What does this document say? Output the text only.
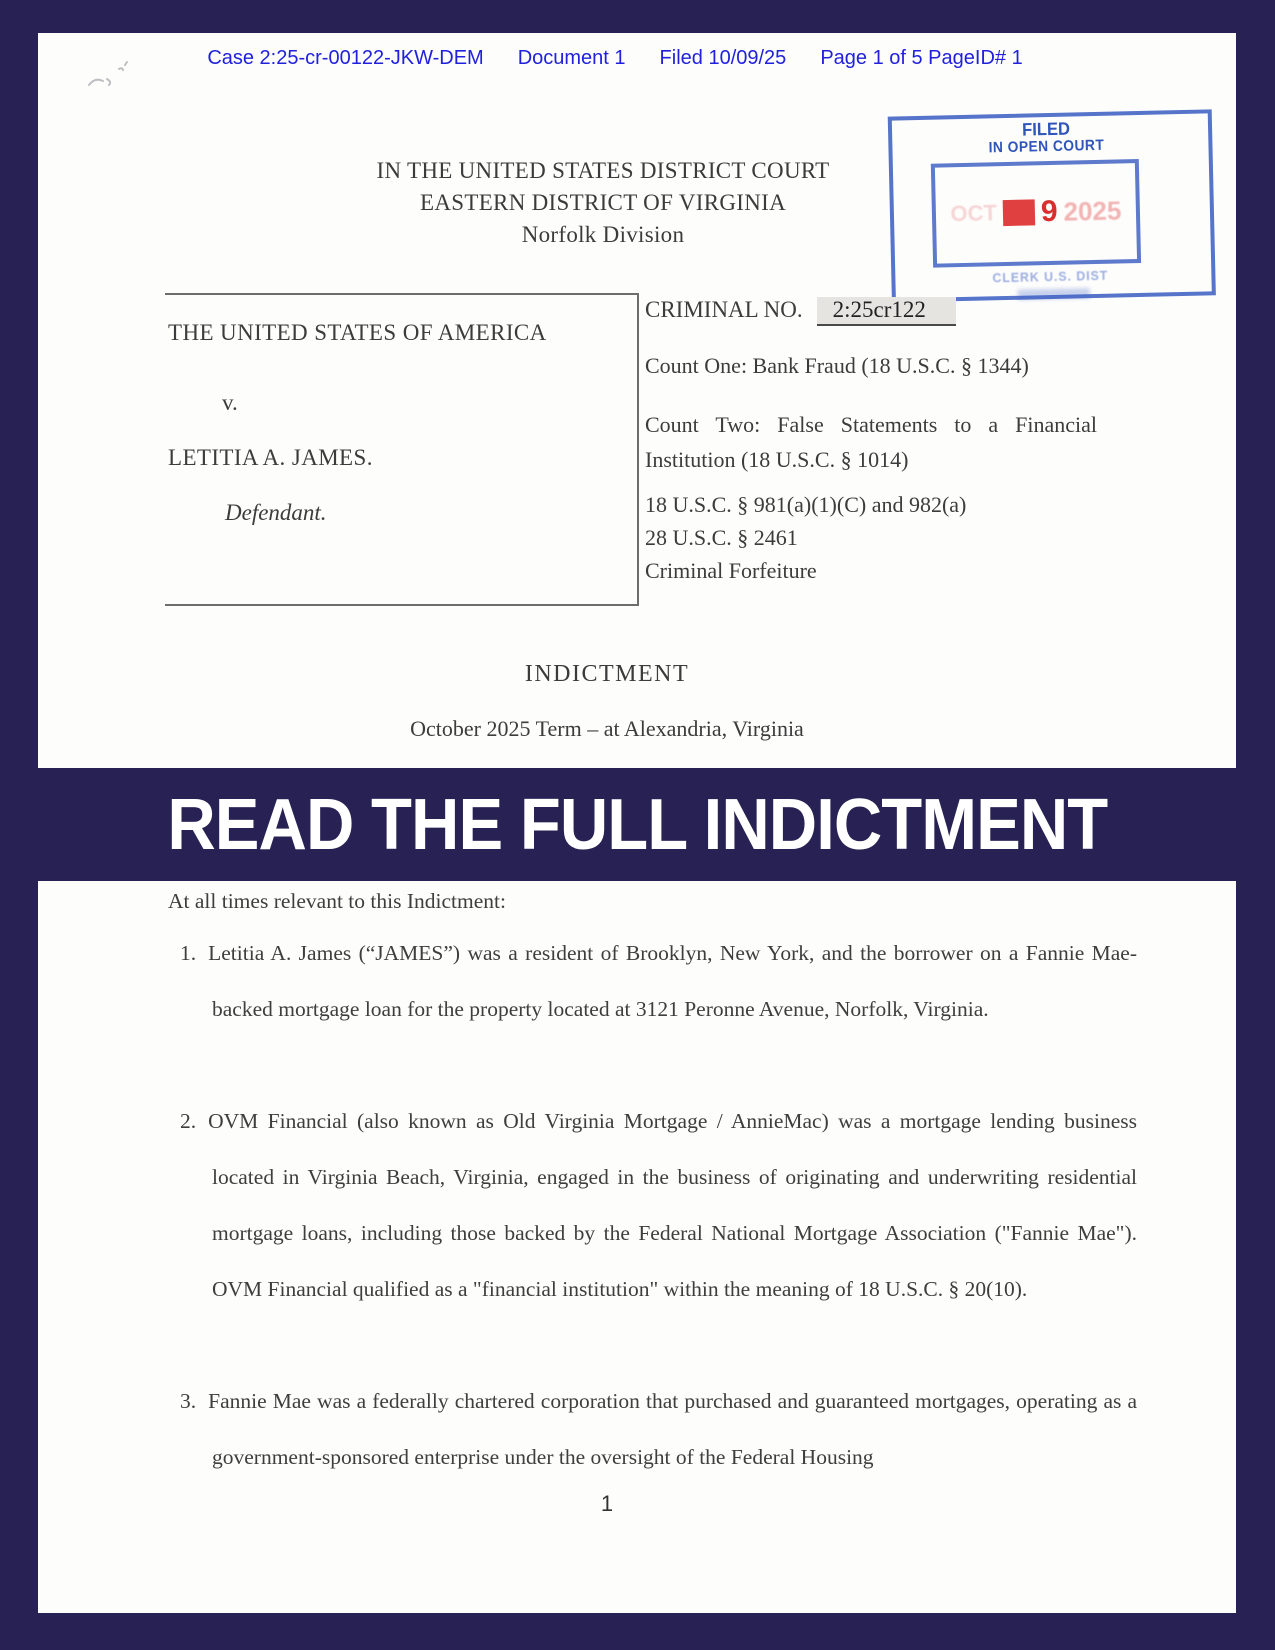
Case 2:25-cr-00122-JKW-DEM Document 1 Filed 10/09/25 Page 1 of 5 PageID# 1
IN THE UNITED STATES DISTRICT COURT
EASTERN DISTRICT OF VIRGINIA
Norfolk Division
FILED
IN OPEN COURT
OCT 9 2025
CLERK U.S. DIST
THE UNITED STATES OF AMERICA
v.
LETITIA A. JAMES.
Defendant.
CRIMINAL NO.	2:25cr122
Count One: Bank Fraud (18 U.S.C. § 1344)
Count Two: False Statements to a Financial Institution (18 U.S.C. § 1014)
18 U.S.C. § 981(a)(1)(C) and 982(a)
28 U.S.C. § 2461
Criminal Forfeiture
INDICTMENT
October 2025 Term – at Alexandria, Virginia
READ THE FULL INDICTMENT
At all times relevant to this Indictment:
1. Letitia A. James (“JAMES”) was a resident of Brooklyn, New York, and the borrower on a Fannie Mae-backed mortgage loan for the property located at 3121 Peronne Avenue, Norfolk, Virginia.
2. OVM Financial (also known as Old Virginia Mortgage / AnnieMac) was a mortgage lending business located in Virginia Beach, Virginia, engaged in the business of originating and underwriting residential mortgage loans, including those backed by the Federal National Mortgage Association ("Fannie Mae"). OVM Financial qualified as a "financial institution" within the meaning of 18 U.S.C. § 20(10).
3. Fannie Mae was a federally chartered corporation that purchased and guaranteed mortgages, operating as a government-sponsored enterprise under the oversight of the Federal Housing
1
